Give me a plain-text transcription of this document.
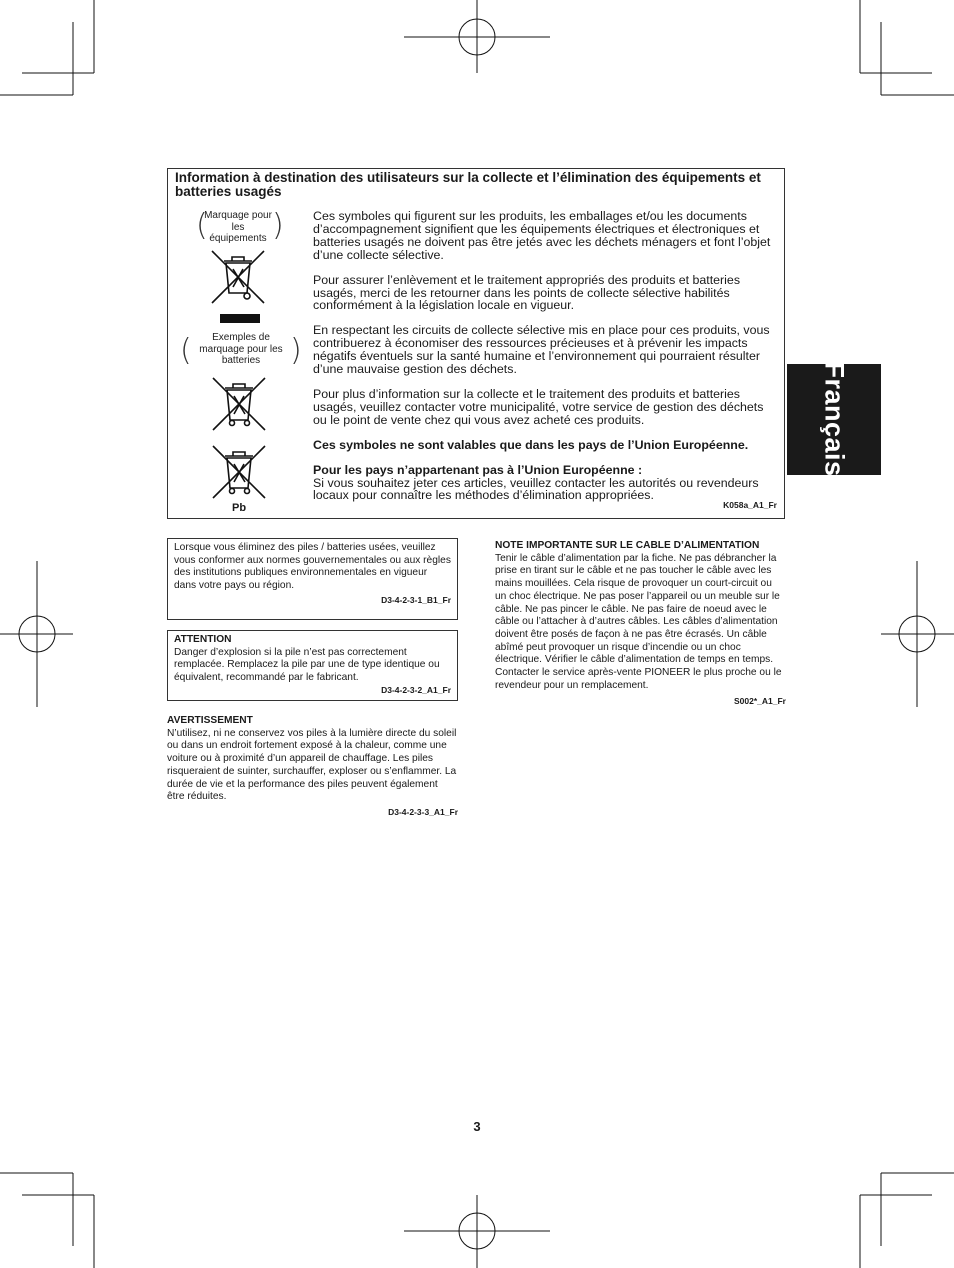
Information à destination des utilisateurs sur la collecte et l’élimination des équipements et batteries usagés
(
Marquage pour les équipements )
(	Exemples de marquage pour les batteries )
Pb

Ces symboles qui figurent sur les produits, les emballages et/ou les documents d’accompagnement signifient que les équipements électriques et électroniques et batteries usagés ne doivent pas être jetés avec les déchets ménagers et font l’objet d’une collecte sélective.

Pour assurer l’enlèvement et le traitement appropriés des produits et batteries usagés, merci de les retourner dans les points de collecte sélective habilités conformément à la législation locale en vigueur.

En respectant les circuits de collecte sélective mis en place pour ces produits, vous contribuerez à économiser des ressources précieuses et à prévenir les impacts négatifs éventuels sur la santé humaine et l’environnement qui pourraient résulter d’une mauvaise gestion des déchets.

Pour plus d’information sur la collecte et le traitement des produits et batteries usagés, veuillez contacter votre municipalité, votre service de gestion des déchets ou le point de vente chez qui vous avez acheté ces produits.

Ces symboles ne sont valables que dans les pays de l’Union Européenne.

Pour les pays n’appartenant pas à l’Union Européenne :
Si vous souhaitez jeter ces articles, veuillez contacter les autorités ou revendeurs locaux pour connaître les méthodes d’élimination appropriées.

K058a_A1_Fr
Lorsque vous éliminez des piles / batteries usées, veuillez vous conformer aux normes gouvernementales ou aux règles des institutions publiques environnementales en vigueur dans votre pays ou région.
D3-4-2-3-1_B1_Fr
ATTENTION
Danger d’explosion si la pile n’est pas correctement remplacée. Remplacez la pile par une de type identique ou équivalent, recommandé par le fabricant.
D3-4-2-3-2_A1_Fr

AVERTISSEMENT

N’utilisez, ni ne conservez vos piles à la lumière directe du soleil ou dans un endroit fortement exposé à la chaleur, comme une voiture ou à proximité d’un appareil de chauffage. Les piles risqueraient de suinter, surchauffer, exploser ou s’enflammer. La durée de vie et la performance des piles peuvent également être réduites.

D3-4-2-3-3_A1_Fr

NOTE IMPORTANTE SUR LE CABLE D’ALIMENTATION

Tenir le câble d’alimentation par la fiche. Ne pas débrancher la prise en tirant sur le câble et ne pas toucher le câble avec les mains mouillées. Cela risque de provoquer un court-circuit ou un choc électrique. Ne pas poser l’appareil ou un meuble sur le câble. Ne pas pincer le câble. Ne pas faire de noeud avec le câble ou l’attacher à d’autres câbles. Les câbles d’alimentation doivent être posés de façon à ne pas être écrasés. Un câble abîmé peut provoquer un risque d’incendie ou un choc électrique. Vérifier le câble d’alimentation de temps en temps. Contacter le service après-vente PIONEER le plus proche ou le revendeur pour un remplacement.

S002*_A1_Fr

Français
3
